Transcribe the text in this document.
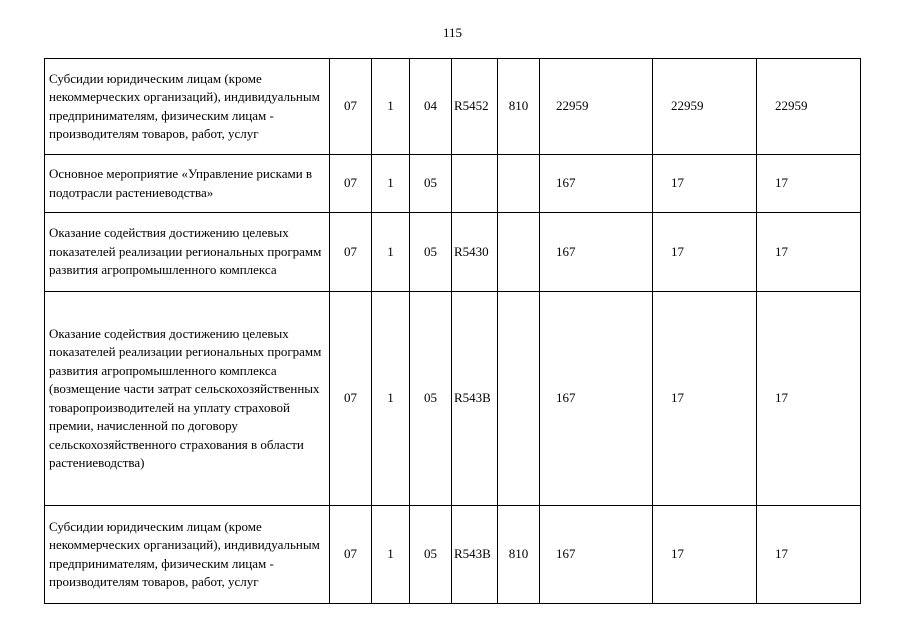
115
Субсидии юридическим лицам (кроме некоммерческих организаций), индивидуальным предпринимателям, физическим лицам - производителям товаров, работ, услуг	07	1	04	R5452	810	22959	22959	22959
Основное мероприятие «Управление рисками в подотрасли растениеводства»	07	1	05			167	17	17
Оказание содействия достижению целевых показателей реализации региональных программ развития агропромышленного комплекса	07	1	05	R5430		167	17	17
Оказание содействия достижению целевых показателей реализации региональных программ развития агропромышленного комплекса (возмещение части затрат сельскохозяйственных товаропроизводителей на уплату страховой премии, начисленной по договору сельскохозяйственного страхования в области растениеводства)	07	1	05	R543B		167	17	17
Субсидии юридическим лицам (кроме некоммерческих организаций), индивидуальным предпринимателям, физическим лицам - производителям товаров, работ, услуг	07	1	05	R543B	810	167	17	17
